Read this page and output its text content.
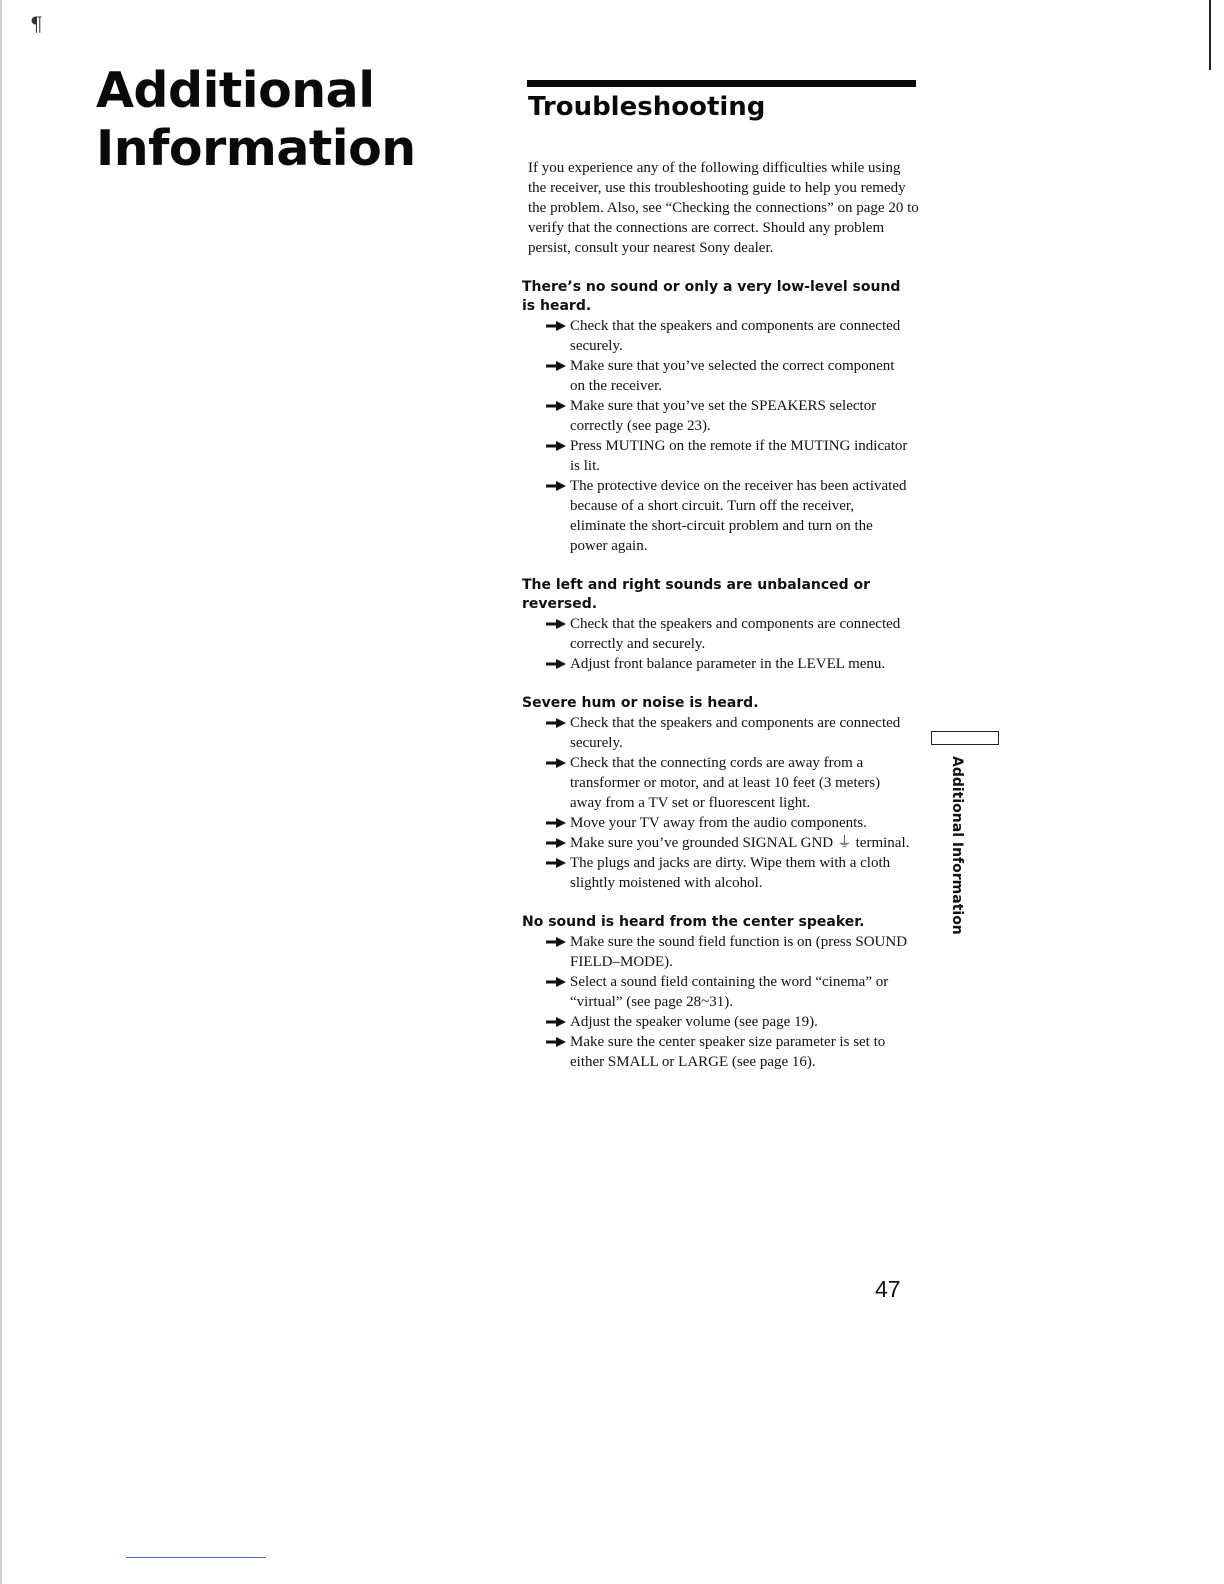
¶
Additional
Information
Troubleshooting

If you experience any of the following difficulties while using the receiver, use this troubleshooting guide to help you remedy the problem. Also, see “Checking the connections” on page 20 to verify that the connections are correct. Should any problem persist, consult your nearest Sony dealer.

There’s no sound or only a very low-level sound is heard.
Check that the speakers and components are connected securely.
Make sure that you’ve selected the correct component on the receiver.
Make sure that you’ve set the SPEAKERS selector correctly (see page 23).
Press MUTING on the remote if the MUTING indicator is lit.
The protective device on the receiver has been activated because of a short circuit. Turn off the receiver, eliminate the short-circuit problem and turn on the power again.
The left and right sounds are unbalanced or reversed.
Check that the speakers and components are connected correctly and securely.
Adjust front balance parameter in the LEVEL menu.
Severe hum or noise is heard.
Check that the speakers and components are connected securely.
Check that the connecting cords are away from a transformer or motor, and at least 10 feet (3 meters) away from a TV set or fluorescent light.
Move your TV away from the audio components.
Make sure you’ve grounded SIGNAL GND ⏚ terminal.
The plugs and jacks are dirty. Wipe them with a cloth slightly moistened with alcohol.
No sound is heard from the center speaker.
Make sure the sound field function is on (press SOUND FIELD–MODE).
Select a sound field containing the word “cinema” or “virtual” (see page 28~31).
Adjust the speaker volume (see page 19).
Make sure the center speaker size parameter is set to either SMALL or LARGE (see page 16).
Additional Information
47
